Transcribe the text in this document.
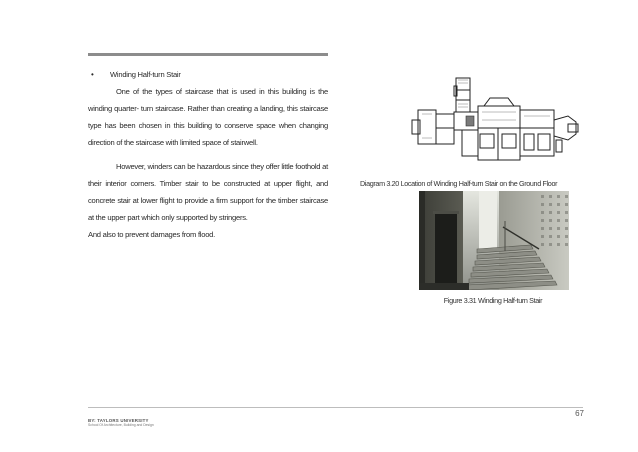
•	Winding Half-turn Stair

One of the types of staircase that is used in this building is the winding quarter- turn staircase. Rather than creating a landing, this staircase type has been chosen in this building to conserve space when changing direction of the staircase with limited space of stairwell.

However, winders can be hazardous since they offer little foothold at their interior corners. Timber stair to be constructed at upper flight, and concrete stair at lower flight to provide a firm support for the timber staircase at the upper part which only supported by stringers.

And also to prevent damages from flood.

Diagram 3.20 Location of Winding Half-turn Stair on the Ground Floor
Figure 3.31 Winding Half-turn Stair
67
BY: TAYLORS UNIVERSITY
School Of Architecture, Building and Design
